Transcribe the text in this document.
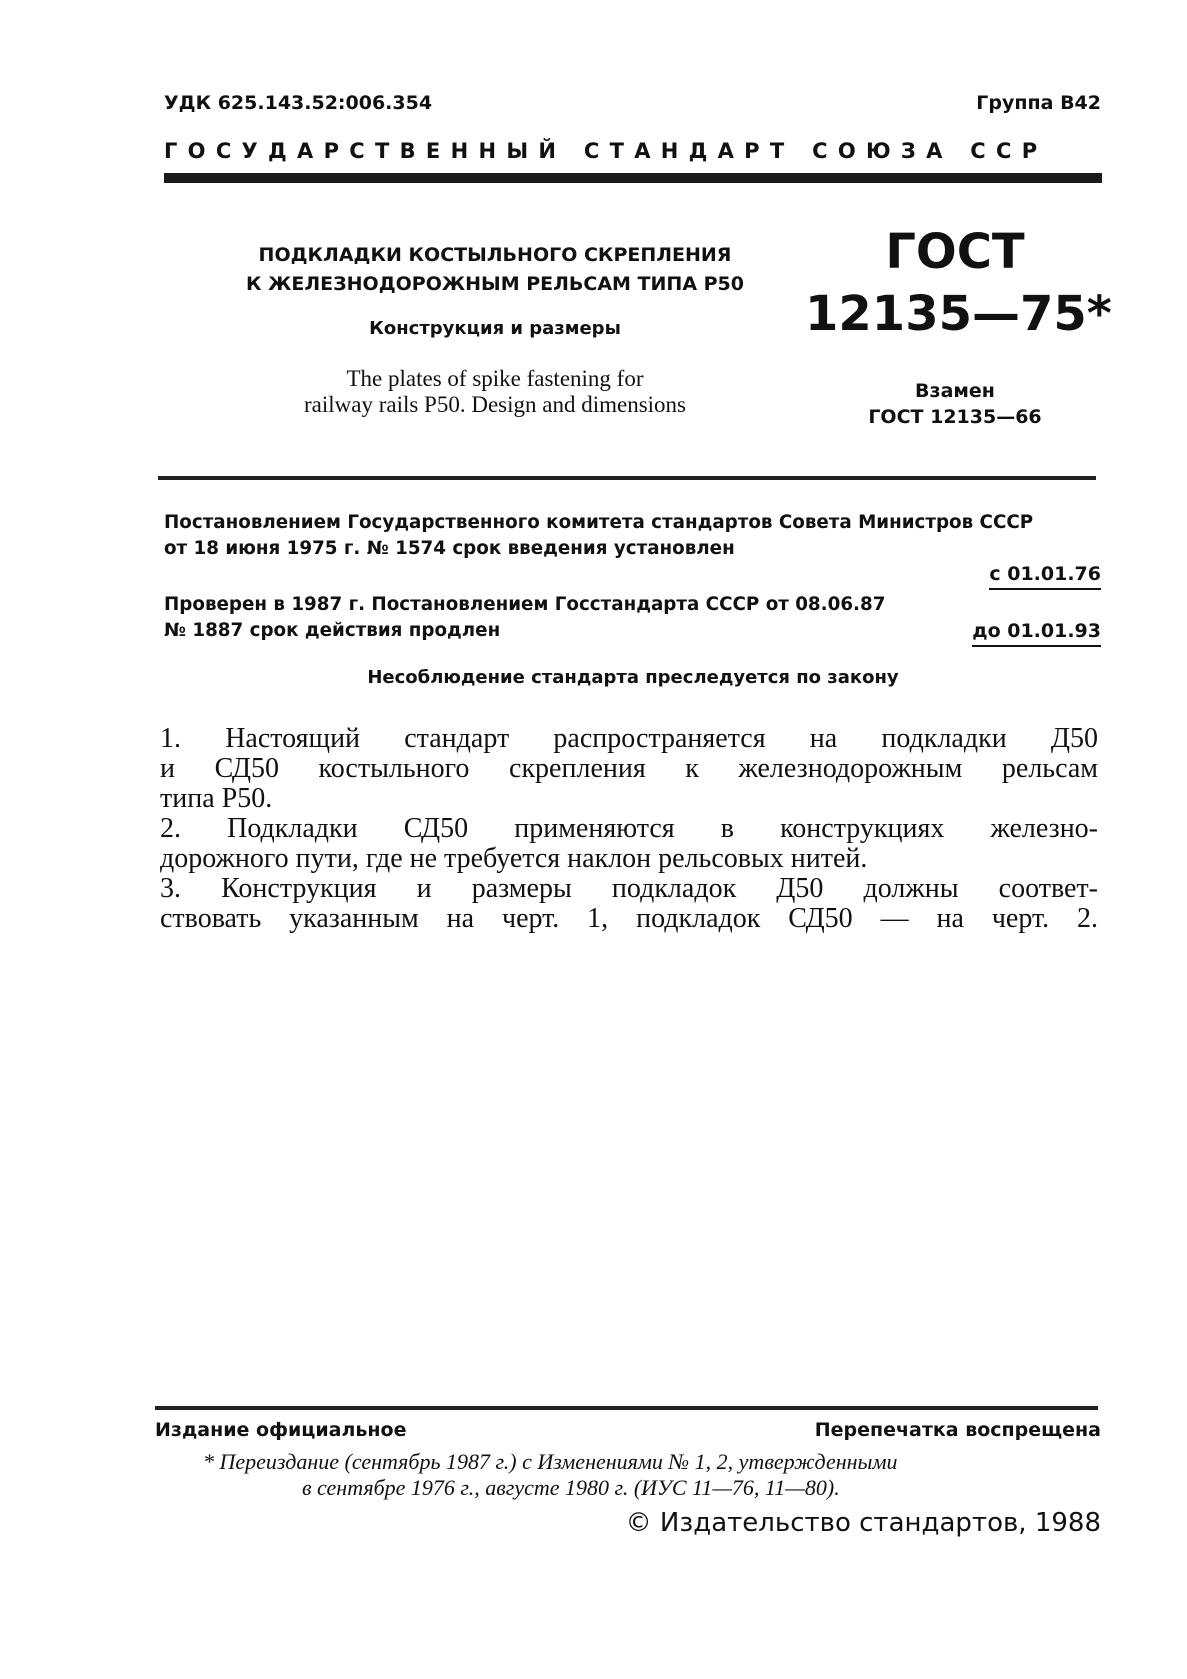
УДК 625.143.52:006.354	Группа В42
ГОСУДАРСТВЕННЫЙ СТАНДАРТ СОЮЗА ССР
ПОДКЛАДКИ КОСТЫЛЬНОГО СКРЕПЛЕНИЯ
К ЖЕЛЕЗНОДОРОЖНЫМ РЕЛЬСАМ ТИПА Р50
Конструкция и размеры
The plates of spike fastening for
railway rails P50. Design and dimensions
ГОСТ
12135—75*
Взамен
ГОСТ 12135—66
Постановлением Государственного комитета стандартов Совета Министров СССР
от 18 июня 1975 г. № 1574 срок введения установлен
с 01.01.76
Проверен в 1987 г. Постановлением Госстандарта СССР от 08.06.87
№ 1887 срок действия продлен	до 01.01.93
Несоблюдение стандарта преследуется по закону
1. Настоящий стандарт распространяется на подкладки Д50
и СД50 костыльного скрепления к железнодорожным рельсам
типа Р50.
2. Подкладки СД50 применяются в конструкциях железно-
дорожного пути, где не требуется наклон рельсовых нитей.
3. Конструкция и размеры подкладок Д50 должны соответ-
ствовать указанным на черт. 1, подкладок СД50 — на черт. 2.
Издание официальное	Перепечатка воспрещена
* Переиздание (сентябрь 1987 г.) с Изменениями № 1, 2, утвержденными
в сентябре 1976 г., августе 1980 г. (ИУС 11—76, 11—80).
© Издательство стандартов, 1988
